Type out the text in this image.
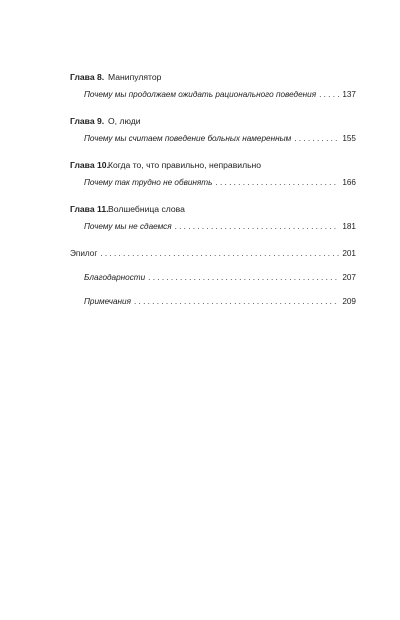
Глава 8. Манипулятор
Почему мы продолжаем ожидать рационального поведения . . .	137
Глава 9. О, люди
Почему мы считаем поведение больных намеренным . . .	155
Глава 10. Когда то, что правильно, неправильно
Почему так трудно не обвинять . . .	166
Глава 11. Волшебница слова
Почему мы не сдаемся . . .	181
Эпилог . . .	201
Благодарности . . .	207
Примечания . . .	209
